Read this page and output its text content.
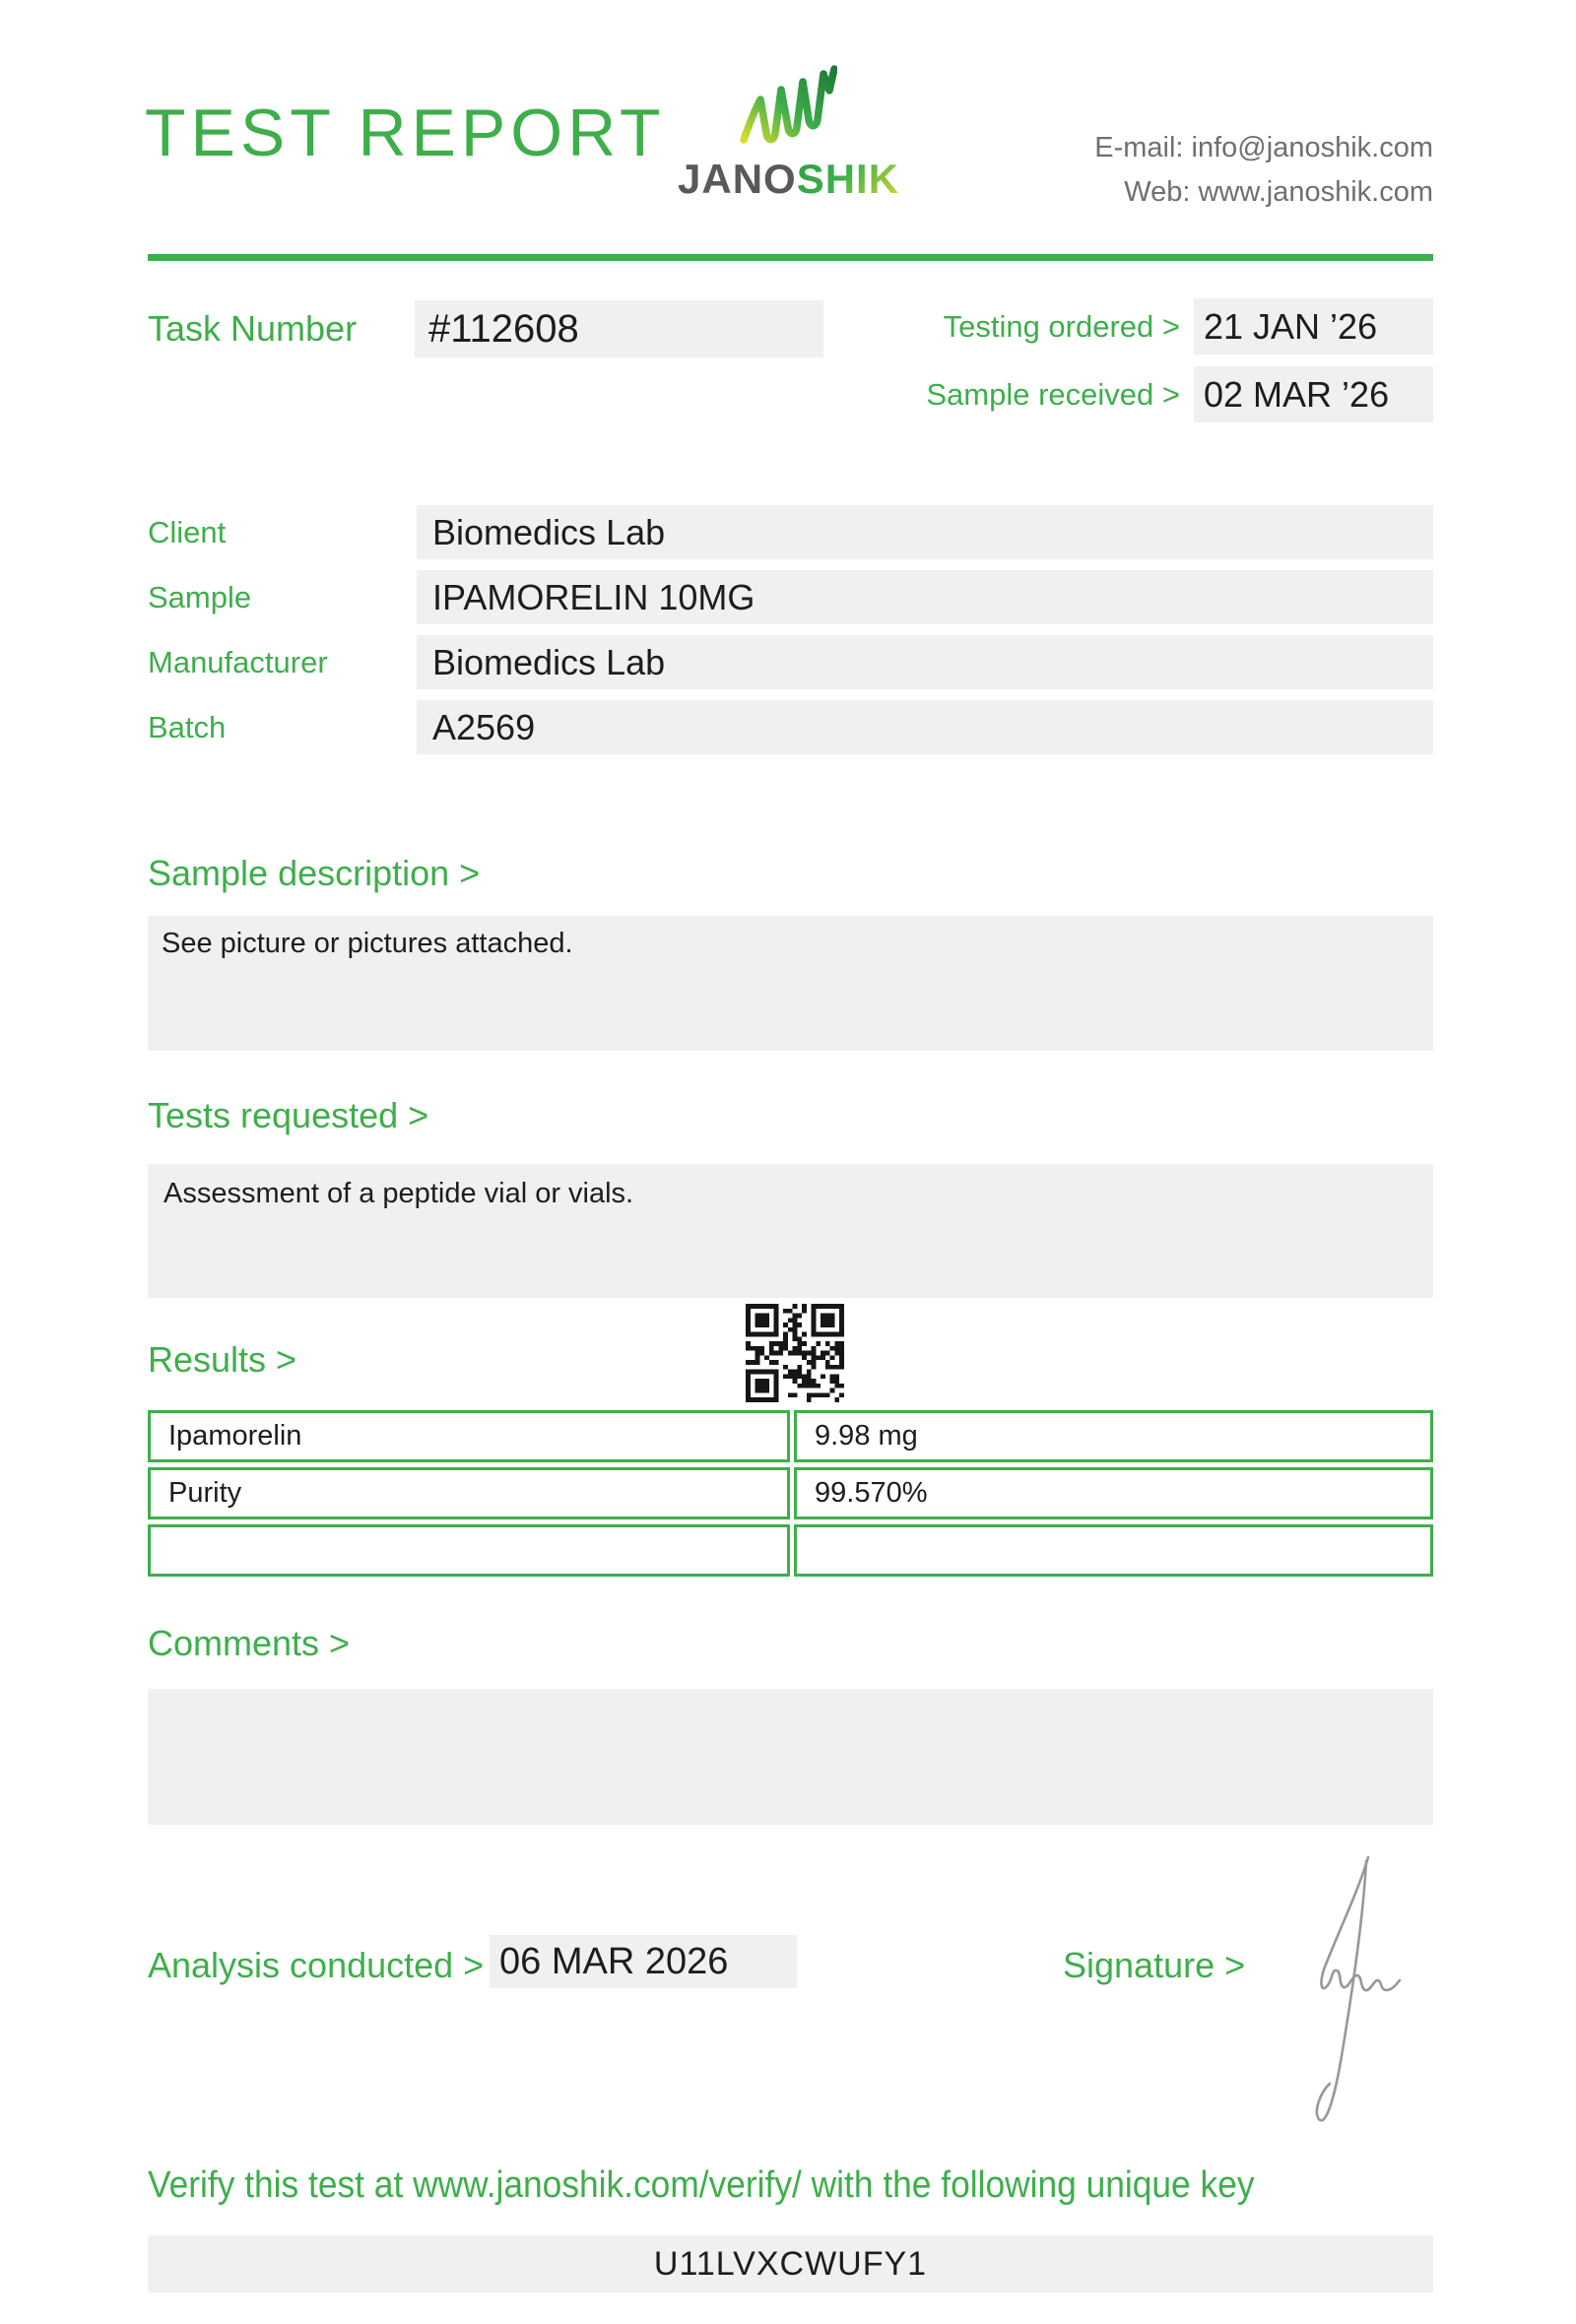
TEST REPORT
JANOSHIK
E-mail: info@janoshik.com
Web: www.janoshik.com
Task Number	#112608	Testing ordered > 21 JAN ’26
Sample received > 02 MAR ’26
Client	Biomedics Lab
Sample	IPAMORELIN 10MG
Manufacturer	Biomedics Lab
Batch	A2569
Sample description >
See picture or pictures attached.
Tests requested >
Assessment of a peptide vial or vials.
Results >
Ipamorelin	9.98 mg
Purity	99.570%
Comments >
Analysis conducted > 06 MAR 2026	Signature >
Verify this test at www.janoshik.com/verify/ with the following unique key
U11LVXCWUFY1
